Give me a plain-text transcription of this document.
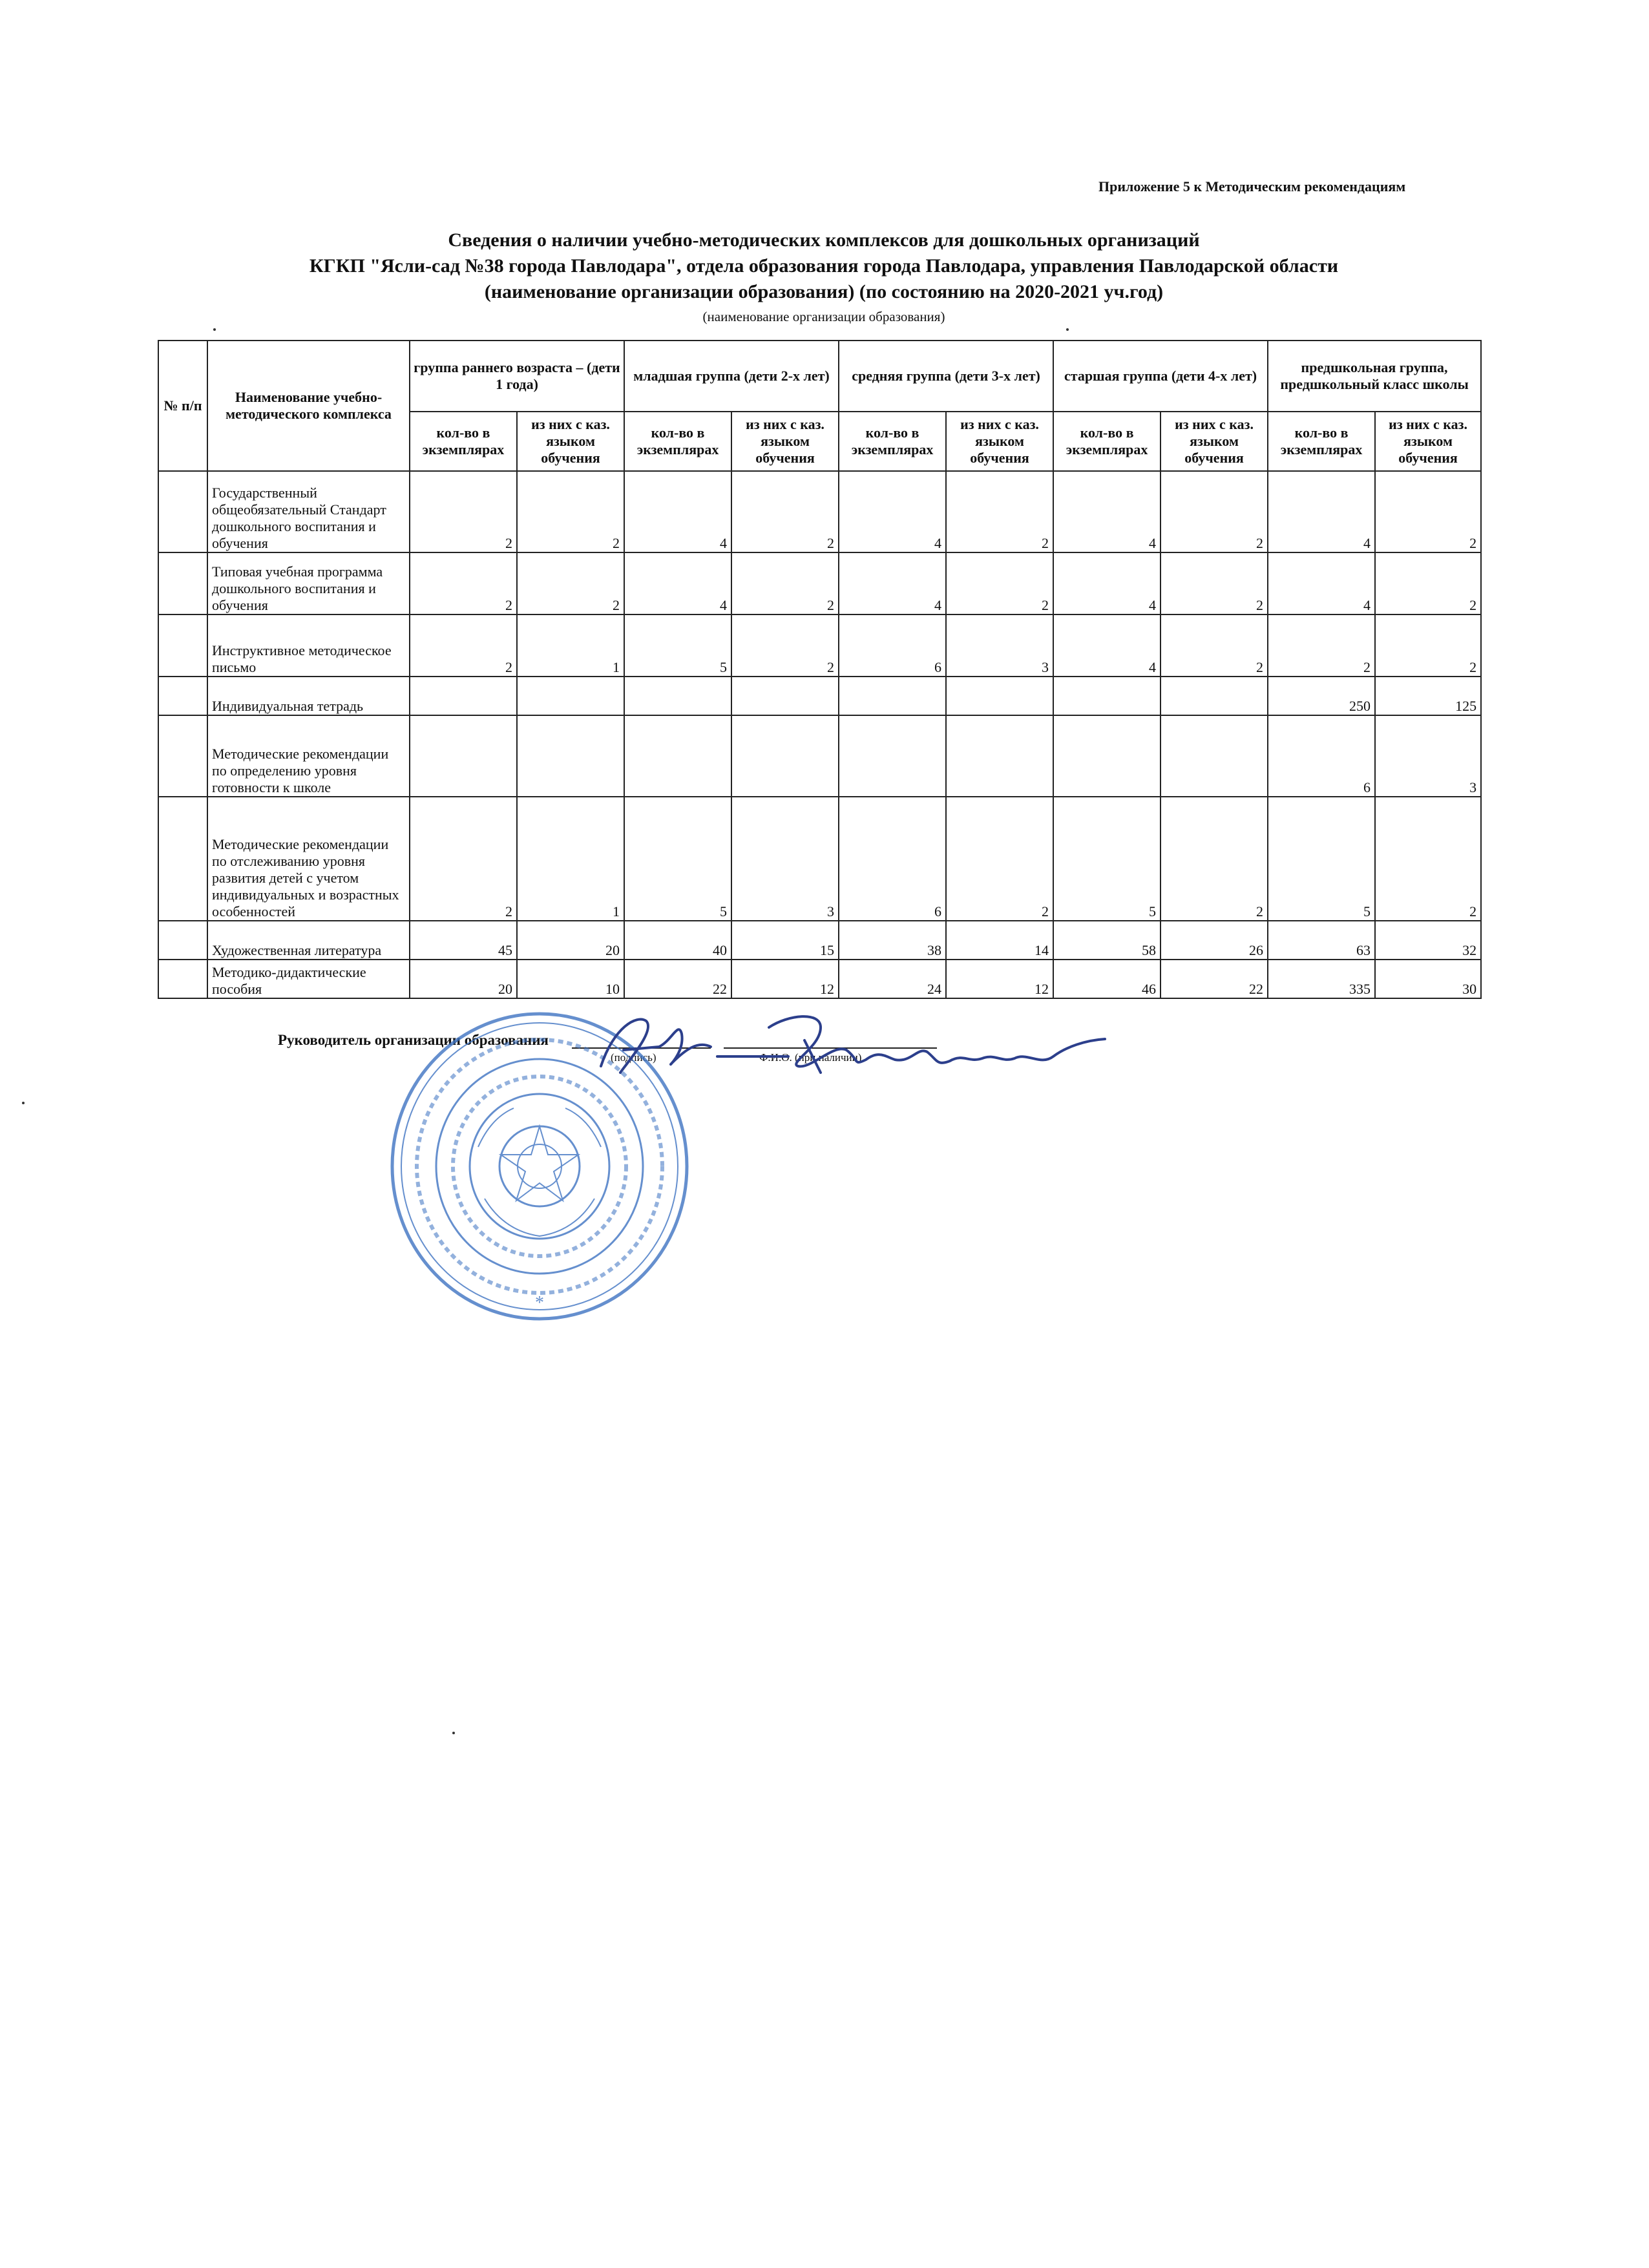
Приложение 5 к Методическим рекомендациям
Сведения о наличии учебно-методических комплексов для дошкольных организаций
КГКП "Ясли-сад №38 города Павлодара", отдела образования города Павлодара, управления Павлодарской области
(наименование организации образования) (по состоянию на 2020-2021 уч.год)
(наименование организации образования)
№ п/п	Наименование учебно-методического комплекса	группа раннего возраста – (дети 1 года)		младшая группа (дети 2-х лет)		средняя группа (дети 3-х лет)		старшая группа (дети 4-х лет)		предшкольная группа, предшкольный класс школы	
		кол-во в экземплярах	из них с каз. языком обучения	кол-во в экземплярах	из них с каз. языком обучения	кол-во в экземплярах	из них с каз. языком обучения	кол-во в экземплярах	из них с каз. языком обучения	кол-во в экземплярах	из них с каз. языком обучения
	Государственный общеобязательный Стандарт дошкольного воспитания и обучения	2	2	4	2	4	2	4	2	4	2
	Типовая учебная программа дошкольного воспитания и обучения	2	2	4	2	4	2	4	2	4	2
	Инструктивное методическое письмо	2	1	5	2	6	3	4	2	2	2
	Индивидуальная тетрадь									250	125
	Методические рекомендации по определению уровня готовности к школе									6	3
	Методические рекомендации по отслеживанию уровня развития детей с учетом индивидуальных и возрастных особенностей	2	1	5	3	6	2	5	2	5	2
	Художественная литература	45	20	40	15	38	14	58	26	63	32
	Методико-дидактические пособия	20	10	22	12	24	12	46	22	335	30
Руководитель организации образования
(подпись)	Ф.И.О. (при наличии)
*
